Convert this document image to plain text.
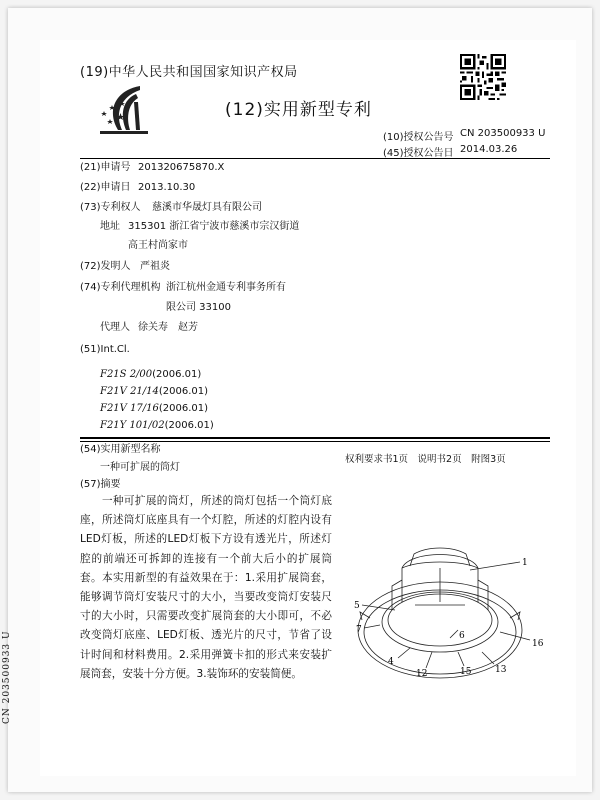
(19)中华人民共和国国家知识产权局
(12)实用新型专利
(10)授权公告号 CN 203500933 U
(45)授权公告日 2014.03.26
(21)申请号 201320675870.X
(22)申请日 2013.10.30
(73)专利权人 慈溪市华晟灯具有限公司
地址 315301 浙江省宁波市慈溪市宗汉街道
高王村尚家市
(72)发明人 严祖炎
(74)专利代理机构 浙江杭州金通专利事务所有
限公司 33100
代理人 徐关寿　赵芳
(51)Int.Cl.
F21S 2/00(2006.01)
F21V 21/14(2006.01)
F21V 17/16(2006.01)
F21Y 101/02(2006.01)
权利要求书1页　说明书2页　附图3页
(54)实用新型名称
一种可扩展的筒灯
(57)摘要
　　一种可扩展的筒灯，所述的筒灯包括一个筒灯底座，所述筒灯底座具有一个灯腔，所述的灯腔内设有LED灯板，所述的LED灯板下方设有透光片，所述灯腔的前端还可拆卸的连接有一个前大后小的扩展筒套。本实用新型的有益效果在于：1.采用扩展筒套，能够调节筒灯安装尺寸的大小，当要改变筒灯安装尺寸的大小时，只需要改变扩展筒套的大小即可，不必改变筒灯底座、LED灯板、透光片的尺寸，节省了设计时间和材料费用。2.采用弹簧卡扣的形式来安装扩展筒套，安装十分方便。3.装饰环的安装简便。
1
5
7
6
16
4
12	15	13
CN 203500933 U
